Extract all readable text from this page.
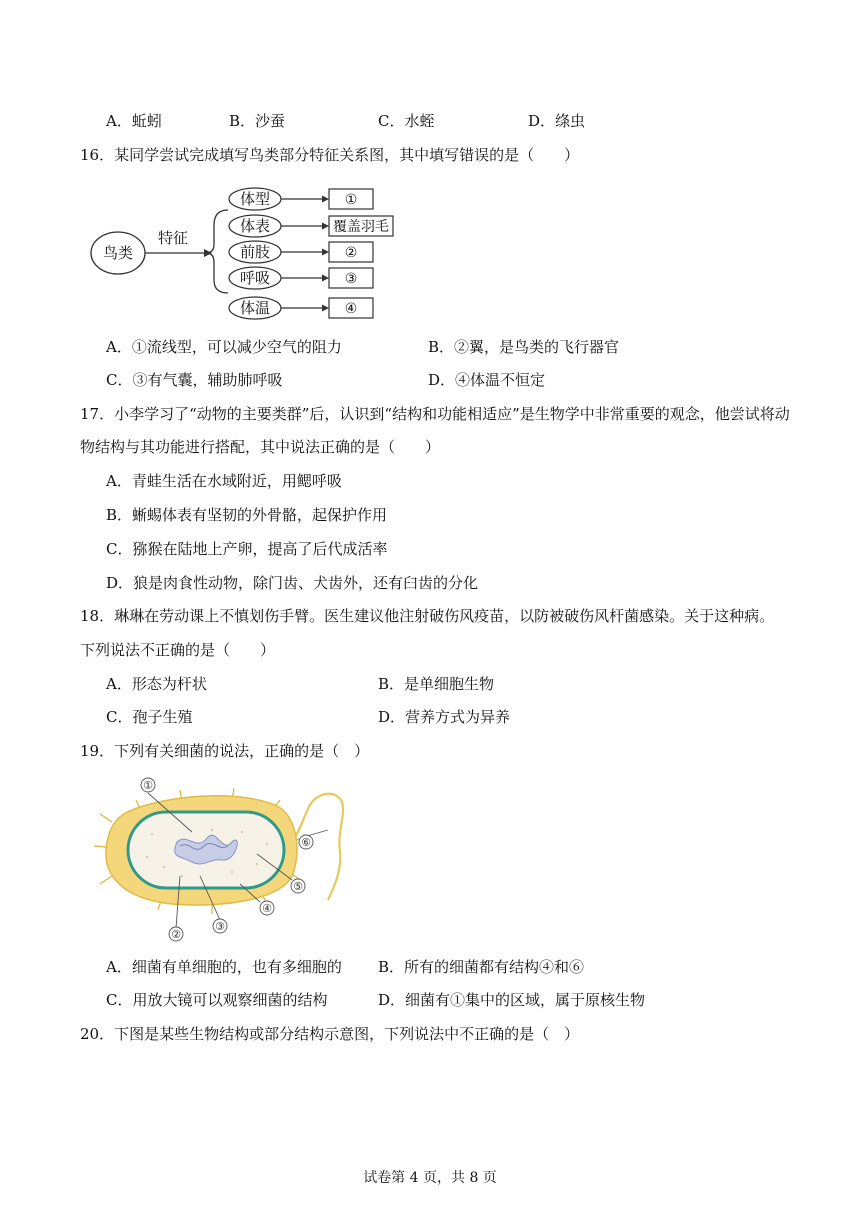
A．蚯蚓	B．沙蚕	C．水蛭	D．绦虫
16．某同学尝试完成填写鸟类部分特征关系图，其中填写错误的是（　　）
鸟类
特征
体型	①
体表	覆盖羽毛
前肢	②
呼吸	③
体温	④
A．①流线型，可以减少空气的阻力	B．②翼，是鸟类的飞行器官
C．③有气囊，辅助肺呼吸	D．④体温不恒定
17．小李学习了“动物的主要类群”后，认识到“结构和功能相适应”是生物学中非常重要的观念，他尝试将动
物结构与其功能进行搭配，其中说法正确的是（　　）
A．青蛙生活在水域附近，用鳃呼吸
B．蜥蜴体表有坚韧的外骨骼，起保护作用
C．猕猴在陆地上产卵，提高了后代成活率
D．狼是肉食性动物，除门齿、犬齿外，还有臼齿的分化
18．琳琳在劳动课上不慎划伤手臂。医生建议他注射破伤风疫苗，以防被破伤风杆菌感染。关于这种病。
下列说法不正确的是（　　）
A．形态为杆状	B．是单细胞生物
C．孢子生殖	D．营养方式为异养
19．下列有关细菌的说法，正确的是（　）
①
②
③
④
⑤
⑥
A．细菌有单细胞的，也有多细胞的 B．所有的细菌都有结构④和⑥
C．用放大镜可以观察细菌的结构	D．细菌有①集中的区域，属于原核生物
20．下图是某些生物结构或部分结构示意图，下列说法中不正确的是（　）
试卷第 4 页，共 8 页
